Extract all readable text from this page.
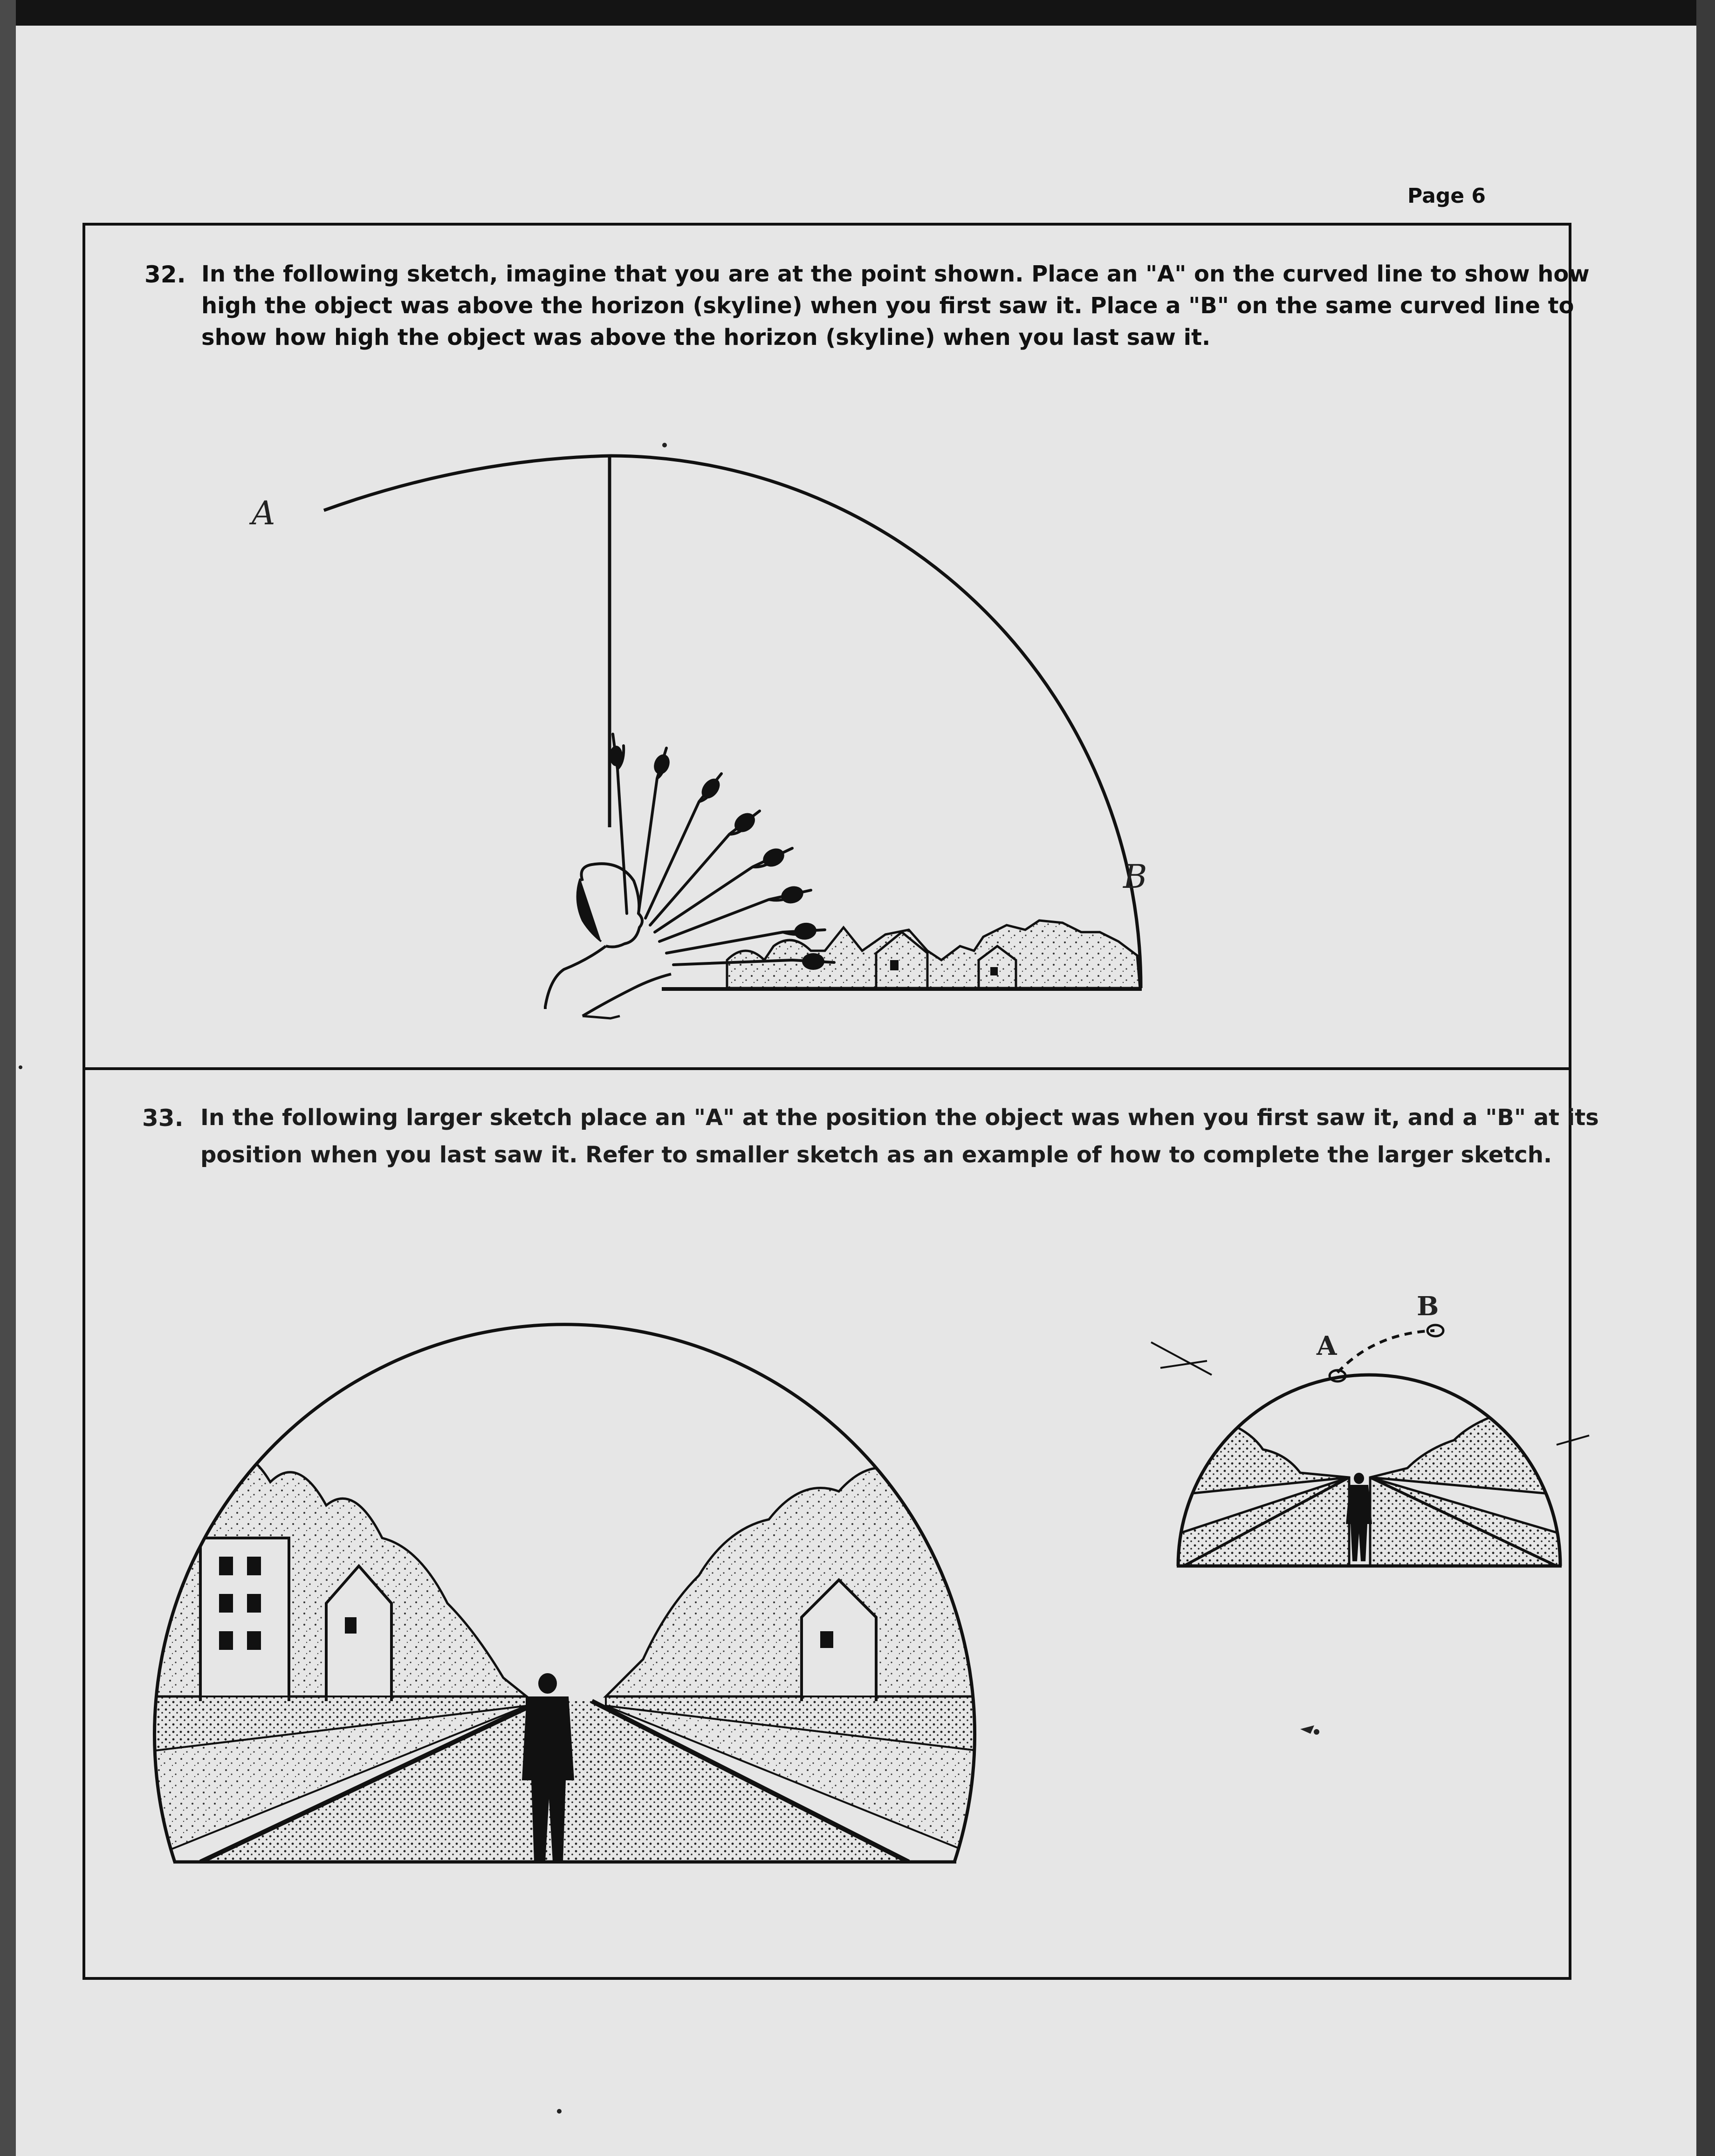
Page 6
32. In the following sketch, imagine that you are at the point shown. Place an "A" on the curved line to show how
high the object was above the horizon (skyline) when you first saw it. Place a "B" on the same curved line to
show how high the object was above the horizon (skyline) when you last saw it.
33. In the following larger sketch place an "A" at the position the object was when you first saw it, and a "B" at its
position when you last saw it. Refer to smaller sketch as an example of how to complete the larger sketch.
A
B
A
B
